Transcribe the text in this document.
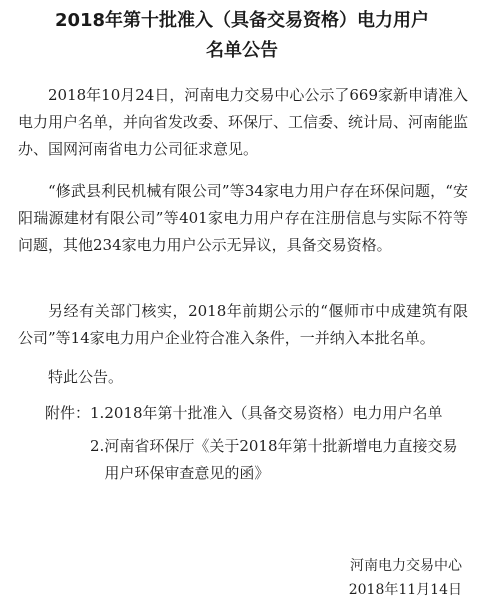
2018年第十批准入（具备交易资格）电力用户
名单公告

2018年10月24日，河南电力交易中心公示了669家新申请准入电力用户名单，并向省发改委、环保厅、工信委、统计局、河南能监办、国网河南省电力公司征求意见。

“修武县利民机械有限公司”等34家电力用户存在环保问题，“安阳瑞源建材有限公司”等401家电力用户存在注册信息与实际不符等问题，其他234家电力用户公示无异议，具备交易资格。

另经有关部门核实，2018年前期公示的“偃师市中成建筑有限公司”等14家电力用户企业符合准入条件，一并纳入本批名单。

特此公告。

附件： 1. 2018年第十批准入（具备交易资格）电力用户名单
2. 河南省环保厅《关于2018年第十批新增电力直接交易用户环保审查意见的函》
河南电力交易中心
2018年11月14日
